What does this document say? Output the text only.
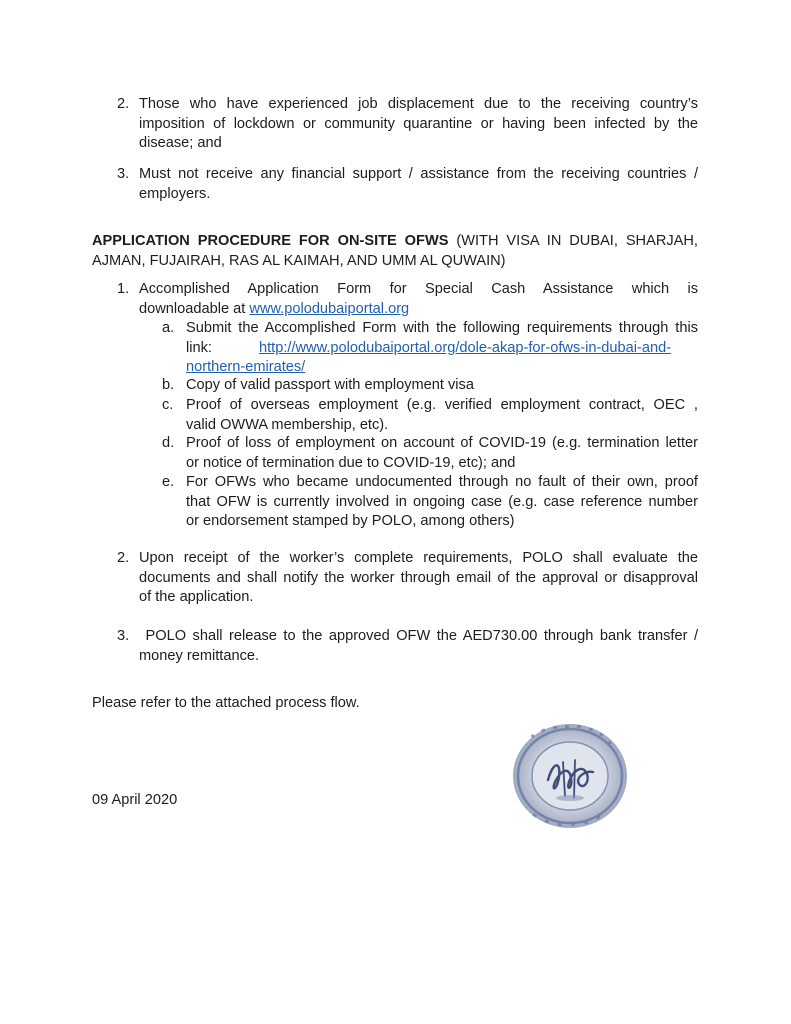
2. Those who have experienced job displacement due to the receiving country’s
imposition of lockdown or community quarantine or having been infected by the
disease; and
3. Must not receive any financial support / assistance from the receiving countries /
employers.
APPLICATION PROCEDURE FOR ON-SITE OFWS (WITH VISA IN DUBAI, SHARJAH,
AJMAN, FUJAIRAH, RAS AL KAIMAH, AND UMM AL QUWAIN)
1. Accomplished Application Form for Special Cash Assistance which is
downloadable at www.polodubaiportal.org
a. Submit the Accomplished Form with the following requirements through this
link:	http://www.polodubaiportal.org/dole-akap-for-ofws-in-dubai-and-
northern-emirates/
b. Copy of valid passport with employment visa
c. Proof of overseas employment (e.g. verified employment contract, OEC ,
valid OWWA membership, etc).
d. Proof of loss of employment on account of COVID-19 (e.g. termination letter
or notice of termination due to COVID-19, etc); and
e. For OFWs who became undocumented through no fault of their own, proof
that OFW is currently involved in ongoing case (e.g. case reference number
or endorsement stamped by POLO, among others)
2. Upon receipt of the worker’s complete requirements, POLO shall evaluate the
documents and shall notify the worker through email of the approval or disapproval
of the application.
3. POLO shall release to the approved OFW the AED730.00 through bank transfer /
money remittance.
Please refer to the attached process flow.
09 April 2020
